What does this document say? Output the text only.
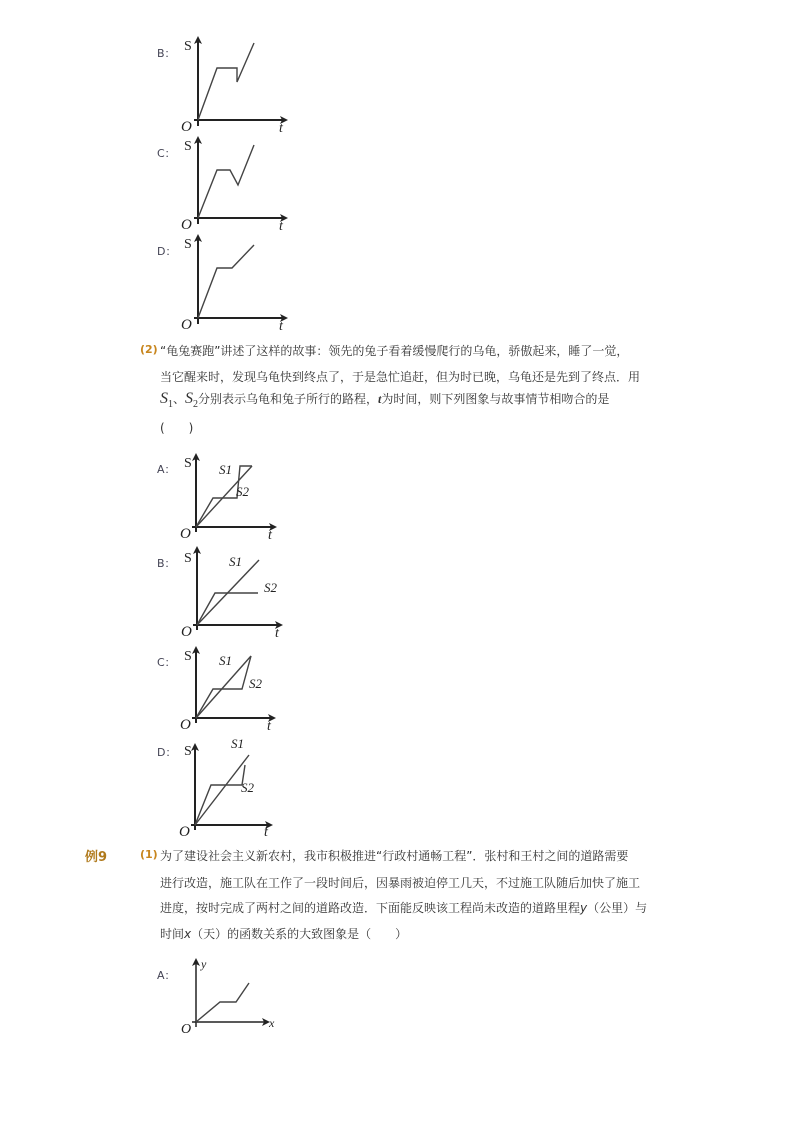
B：
C：
D：
(2) “龟兔赛跑”讲述了这样的故事：领先的兔子看着缓慢爬行的乌龟，骄傲起来，睡了一觉，
当它醒来时，发现乌龟快到终点了，于是急忙追赶，但为时已晚，乌龟还是先到了终点．用
$S_1$、$S_2$分别表示乌龟和兔子所行的路程，t为时间，则下列图象与故事情节相吻合的是
(　　)
A：
B：
C：
D：
例9	(1) 为了建设社会主义新农村，我市积极推进“行政村通畅工程”．张村和王村之间的道路需要
进行改造，施工队在工作了一段时间后，因暴雨被迫停工几天，不过施工队随后加快了施工
进度，按时完成了两村之间的道路改造．下面能反映该工程尚未改造的道路里程y（公里）与
时间x（天）的函数关系的大致图象是（　　）
A：
S
O	t
S
O	t
S
O	t
S
O	t
S1
S2
S
O	t
S1
S2
S
O	t
S1
S2
S
O	t
S1
S2
y
O	x
